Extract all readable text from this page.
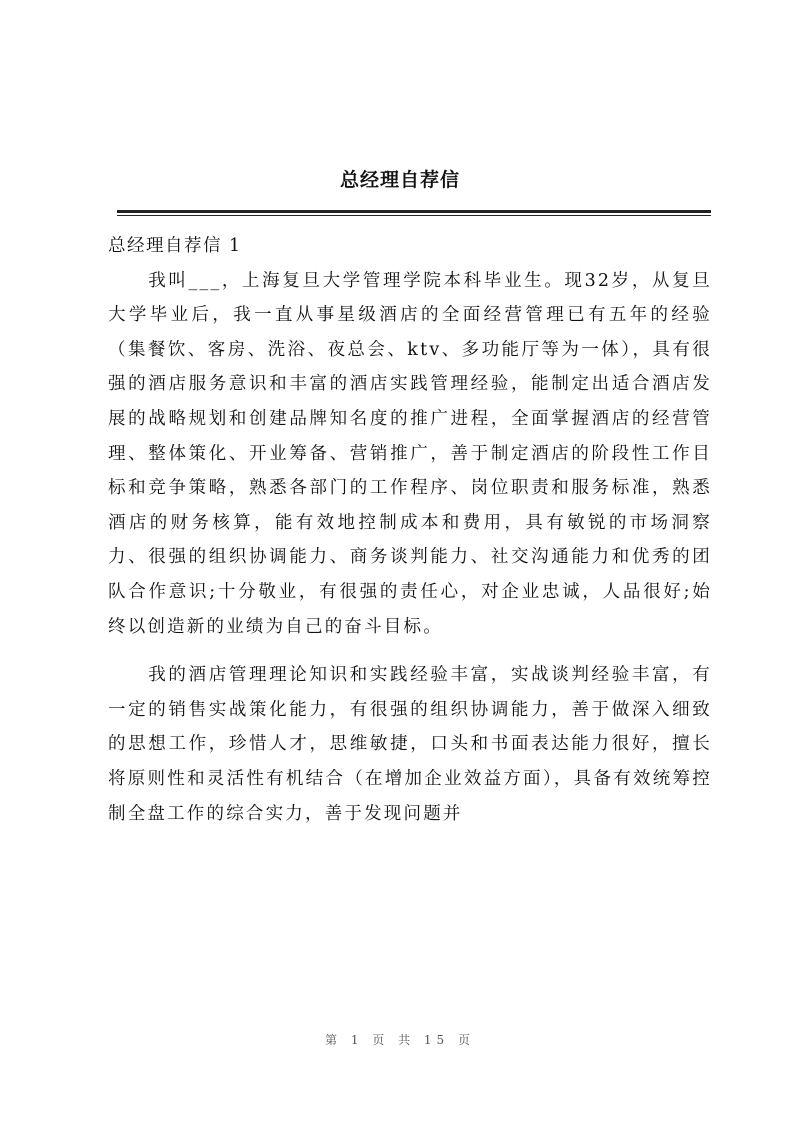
总经理自荐信

总经理自荐信 1

我叫___，上海复旦大学管理学院本科毕业生。现32岁，从复旦大学毕业后，我一直从事星级酒店的全面经营管理已有五年的经验（集餐饮、客房、洗浴、夜总会、ktv、多功能厅等为一体），具有很强的酒店服务意识和丰富的酒店实践管理经验，能制定出适合酒店发展的战略规划和创建品牌知名度的推广进程，全面掌握酒店的经营管理、整体策化、开业筹备、营销推广，善于制定酒店的阶段性工作目标和竞争策略，熟悉各部门的工作程序、岗位职责和服务标准，熟悉酒店的财务核算，能有效地控制成本和费用，具有敏锐的市场洞察力、很强的组织协调能力、商务谈判能力、社交沟通能力和优秀的团队合作意识;十分敬业，有很强的责任心，对企业忠诚，人品很好;始终以创造新的业绩为自己的奋斗目标。

我的酒店管理理论知识和实践经验丰富，实战谈判经验丰富，有一定的销售实战策化能力，有很强的组织协调能力，善于做深入细致的思想工作，珍惜人才，思维敏捷，口头和书面表达能力很好，擅长将原则性和灵活性有机结合（在增加企业效益方面），具备有效统筹控制全盘工作的综合实力，善于发现问题并

第 1 页 共 15 页
